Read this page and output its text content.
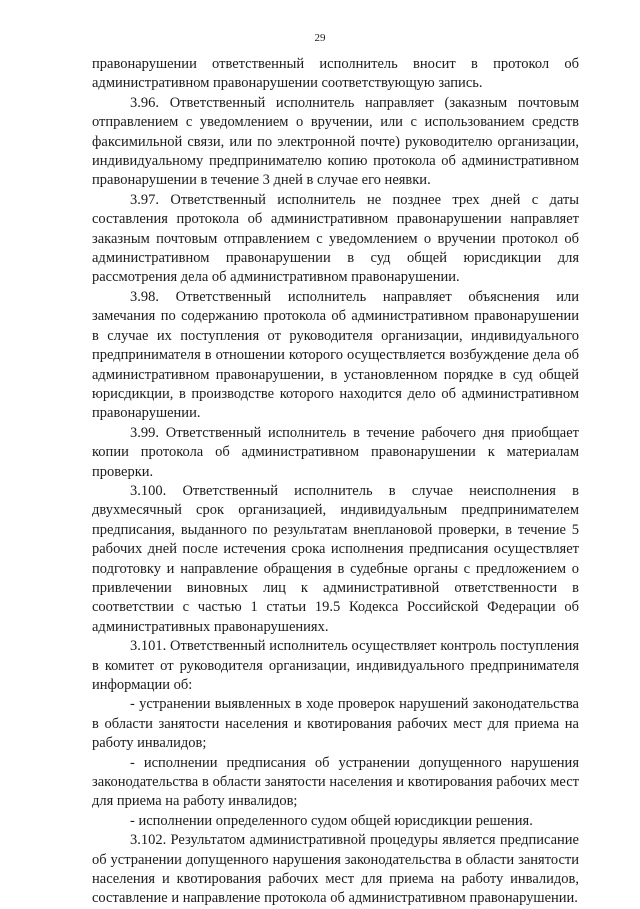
29

правонарушении ответственный исполнитель вносит в протокол об административном правонарушении соответствующую запись.

3.96. Ответственный исполнитель направляет (заказным почтовым отправлением с уведомлением о вручении, или с использованием средств факсимильной связи, или по электронной почте) руководителю организации, индивидуальному предпринимателю копию протокола об административном правонарушении в течение 3 дней в случае его неявки.

3.97. Ответственный исполнитель не позднее трех дней с даты составления протокола об административном правонарушении направляет заказным почтовым отправлением с уведомлением о вручении протокол об административном правонарушении в суд общей юрисдикции для рассмотрения дела об административном правонарушении.

3.98. Ответственный исполнитель направляет объяснения или замечания по содержанию протокола об административном правонарушении в случае их поступления от руководителя организации, индивидуального предпринимателя в отношении которого осуществляется возбуждение дела об административном правонарушении, в установленном порядке в суд общей юрисдикции, в производстве которого находится дело об административном правонарушении.

3.99. Ответственный исполнитель в течение рабочего дня приобщает копии протокола об административном правонарушении к материалам проверки.

3.100. Ответственный исполнитель в случае неисполнения в двухмесячный срок организацией, индивидуальным предпринимателем предписания, выданного по результатам внеплановой проверки, в течение 5 рабочих дней после истечения срока исполнения предписания осуществляет подготовку и направление обращения в судебные органы с предложением о привлечении виновных лиц к административной ответственности в соответствии с частью 1 статьи 19.5 Кодекса Российской Федерации об административных правонарушениях.

3.101. Ответственный исполнитель осуществляет контроль поступления в комитет от руководителя организации, индивидуального предпринимателя информации об:

- устранении выявленных в ходе проверок нарушений законодательства в области занятости населения и квотирования рабочих мест для приема на работу инвалидов;

- исполнении предписания об устранении допущенного нарушения законодательства в области занятости населения и квотирования рабочих мест для приема на работу инвалидов;

- исполнении определенного судом общей юрисдикции решения.

3.102. Результатом административной процедуры является предписание об устранении допущенного нарушения законодательства в области занятости населения и квотирования рабочих мест для приема на работу инвалидов, составление и направление протокола об административном правонарушении.
